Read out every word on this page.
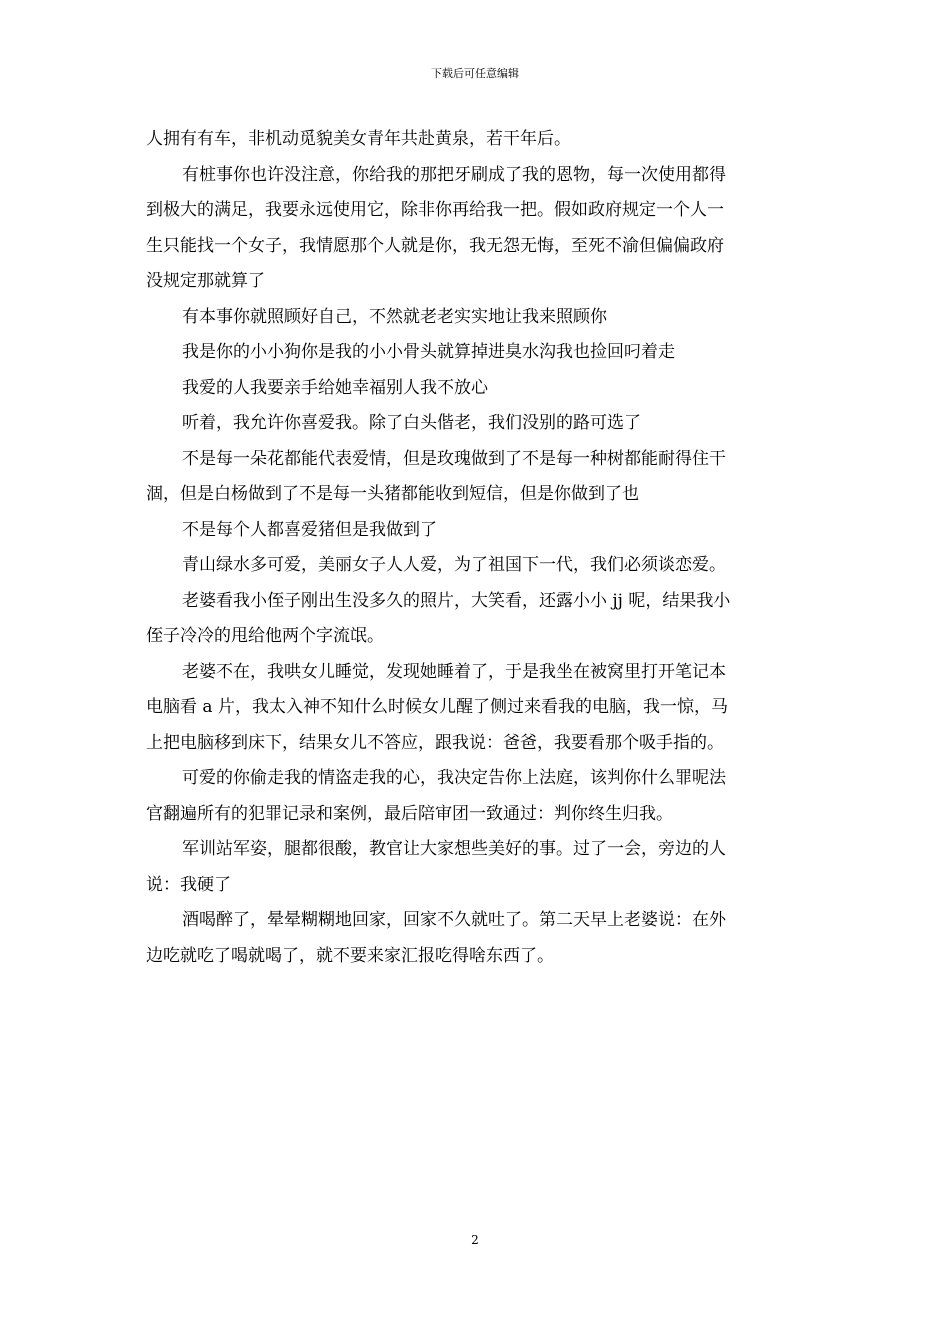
下载后可任意编辑
人拥有有车，非机动觅貌美女青年共赴黄泉，若干年后。
有桩事你也许没注意，你给我的那把牙刷成了我的恩物，每一次使用都得
到极大的满足，我要永远使用它，除非你再给我一把。假如政府规定一个人一
生只能找一个女子，我情愿那个人就是你，我无怨无悔，至死不渝但偏偏政府
没规定那就算了
有本事你就照顾好自己，不然就老老实实地让我来照顾你
我是你的小小狗你是我的小小骨头就算掉进臭水沟我也捡回叼着走
我爱的人我要亲手给她幸福别人我不放心
听着，我允许你喜爱我。除了白头偕老，我们没别的路可选了
不是每一朵花都能代表爱情，但是玫瑰做到了不是每一种树都能耐得住干
涸，但是白杨做到了不是每一头猪都能收到短信，但是你做到了也
不是每个人都喜爱猪但是我做到了
青山绿水多可爱，美丽女子人人爱，为了祖国下一代，我们必须谈恋爱。
老婆看我小侄子刚出生没多久的照片，大笑看，还露小小 jj 呢，结果我小
侄子冷冷的甩给他两个字流氓。
老婆不在，我哄女儿睡觉，发现她睡着了，于是我坐在被窝里打开笔记本
电脑看 a 片，我太入神不知什么时候女儿醒了侧过来看我的电脑，我一惊，马
上把电脑移到床下，结果女儿不答应，跟我说：爸爸，我要看那个吸手指的。
可爱的你偷走我的情盗走我的心，我决定告你上法庭，该判你什么罪呢法
官翻遍所有的犯罪记录和案例，最后陪审团一致通过：判你终生归我。
军训站军姿，腿都很酸，教官让大家想些美好的事。过了一会，旁边的人
说：我硬了
酒喝醉了，晕晕糊糊地回家，回家不久就吐了。第二天早上老婆说：在外
边吃就吃了喝就喝了，就不要来家汇报吃得啥东西了。
2
